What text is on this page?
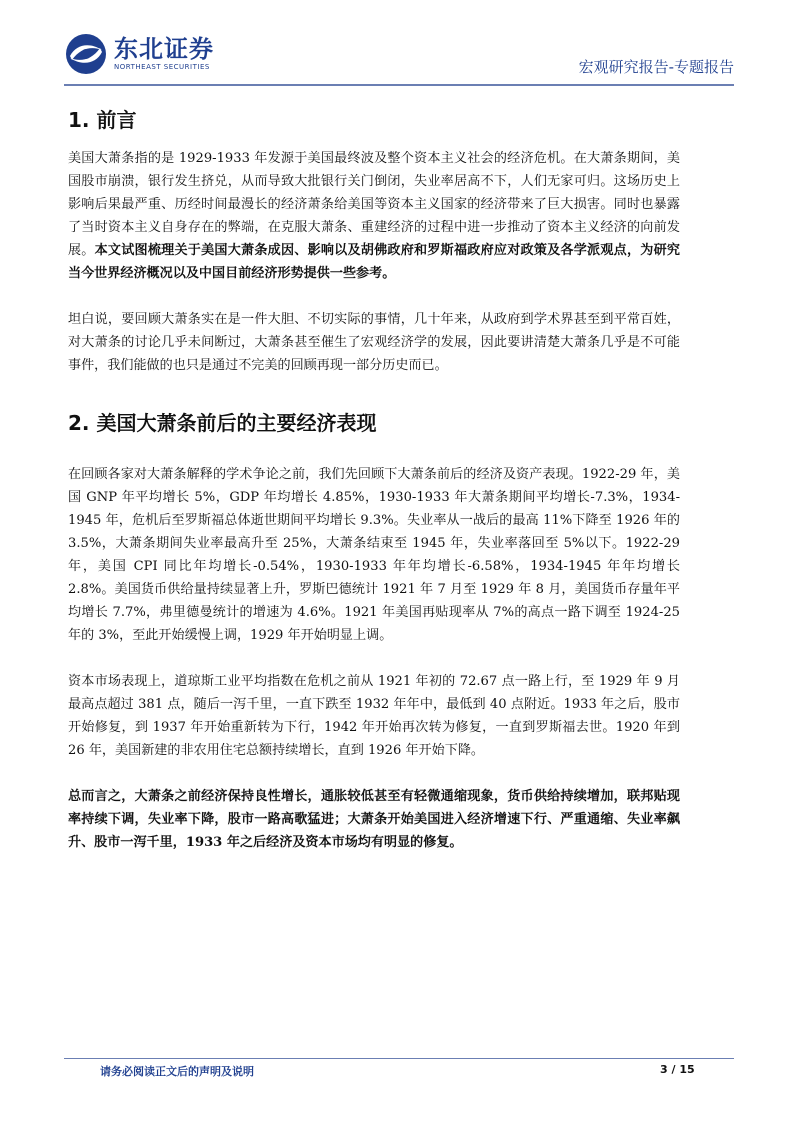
东北证券
NORTHEAST SECURITIES	宏观研究报告-专题报告
1. 前言

美国大萧条指的是 1929-1933 年发源于美国最终波及整个资本主义社会的经济危机。在大萧条期间，美国股市崩溃，银行发生挤兑，从而导致大批银行关门倒闭，失业率居高不下，人们无家可归。这场历史上影响后果最严重、历经时间最漫长的经济萧条给美国等资本主义国家的经济带来了巨大损害。同时也暴露了当时资本主义自身存在的弊端，在克服大萧条、重建经济的过程中进一步推动了资本主义经济的向前发展。本文试图梳理关于美国大萧条成因、影响以及胡佛政府和罗斯福政府应对政策及各学派观点，为研究当今世界经济概况以及中国目前经济形势提供一些参考。

坦白说，要回顾大萧条实在是一件大胆、不切实际的事情，几十年来，从政府到学术界甚至到平常百姓，对大萧条的讨论几乎未间断过，大萧条甚至催生了宏观经济学的发展，因此要讲清楚大萧条几乎是不可能事件，我们能做的也只是通过不完美的回顾再现一部分历史而已。

2. 美国大萧条前后的主要经济表现

在回顾各家对大萧条解释的学术争论之前，我们先回顾下大萧条前后的经济及资产表现。1922-29 年，美国 GNP 年平均增长 5%，GDP 年均增长 4.85%，1930-1933 年大萧条期间平均增长-7.3%，1934-1945 年，危机后至罗斯福总体逝世期间平均增长 9.3%。失业率从一战后的最高 11%下降至 1926 年的 3.5%，大萧条期间失业率最高升至 25%，大萧条结束至 1945 年，失业率落回至 5%以下。1922-29 年，美国 CPI 同比年均增长-0.54%，1930-1933 年年均增长-6.58%，1934-1945 年年均增长 2.8%。美国货币供给量持续显著上升，罗斯巴德统计 1921 年 7 月至 1929 年 8 月，美国货币存量年平均增长 7.7%，弗里德曼统计的增速为 4.6%。1921 年美国再贴现率从 7%的高点一路下调至 1924-25 年的 3%，至此开始缓慢上调，1929 年开始明显上调。

资本市场表现上，道琼斯工业平均指数在危机之前从 1921 年初的 72.67 点一路上行，至 1929 年 9 月最高点超过 381 点，随后一泻千里，一直下跌至 1932 年年中，最低到 40 点附近。1933 年之后，股市开始修复，到 1937 年开始重新转为下行，1942 年开始再次转为修复，一直到罗斯福去世。1920 年到 26 年，美国新建的非农用住宅总额持续增长，直到 1926 年开始下降。

总而言之，大萧条之前经济保持良性增长，通胀较低甚至有轻微通缩现象，货币供给持续增加，联邦贴现率持续下调，失业率下降，股市一路高歌猛进；大萧条开始美国进入经济增速下行、严重通缩、失业率飙升、股市一泻千里，1933 年之后经济及资本市场均有明显的修复。

请务必阅读正文后的声明及说明	3 / 15
